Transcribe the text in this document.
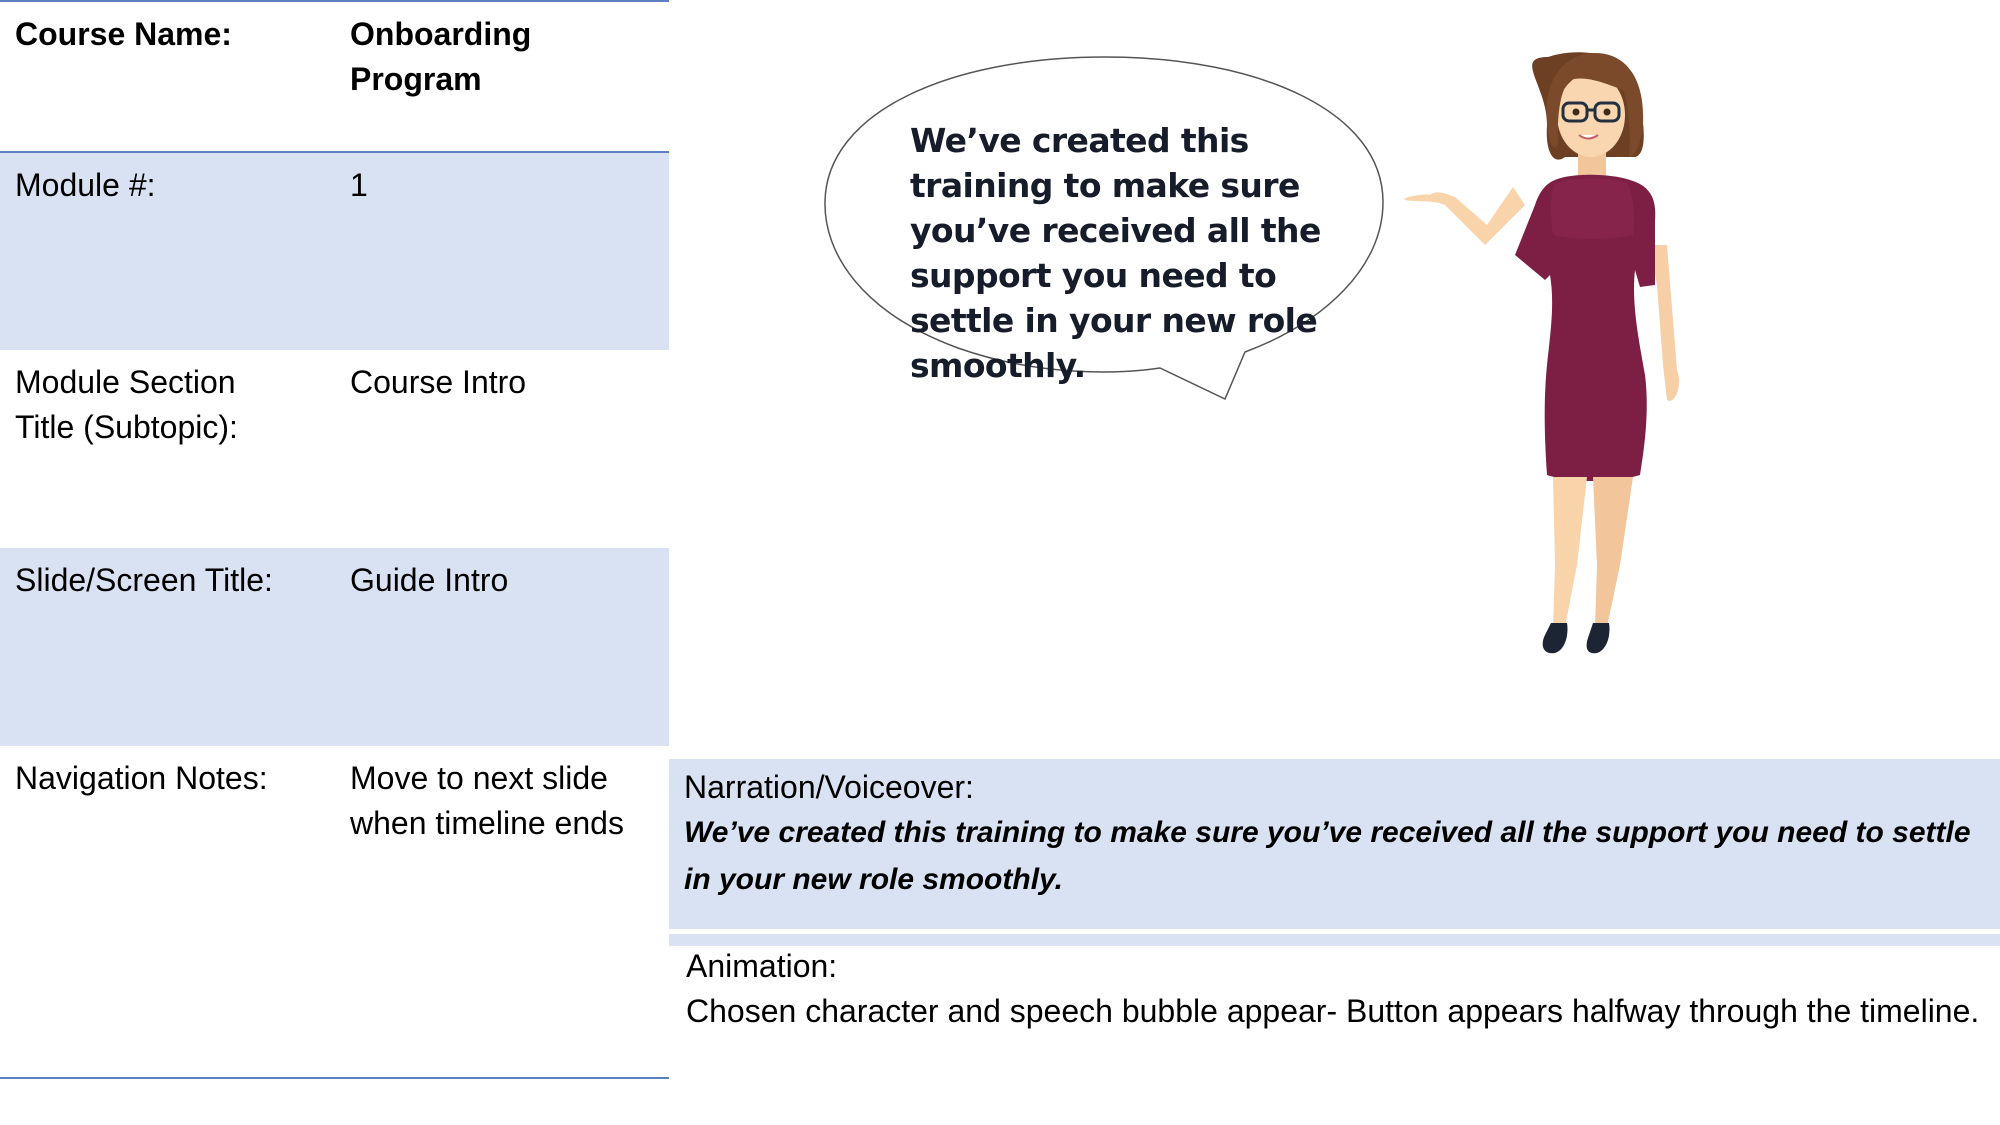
Course Name:	Onboarding Program
Module #:	1
Module Section Title (Subtopic):
Course Intro
Slide/Screen Title:	Guide Intro
Navigation Notes:	Move to next slide when timeline ends
We’ve created this training to make sure you’ve received all the support you need to settle in your new role smoothly.
Narration/Voiceover:
We’ve created this training to make sure you’ve received all the support you need to settle in your new role smoothly.
Animation:
Chosen character and speech bubble appear- Button appears halfway through the timeline.
